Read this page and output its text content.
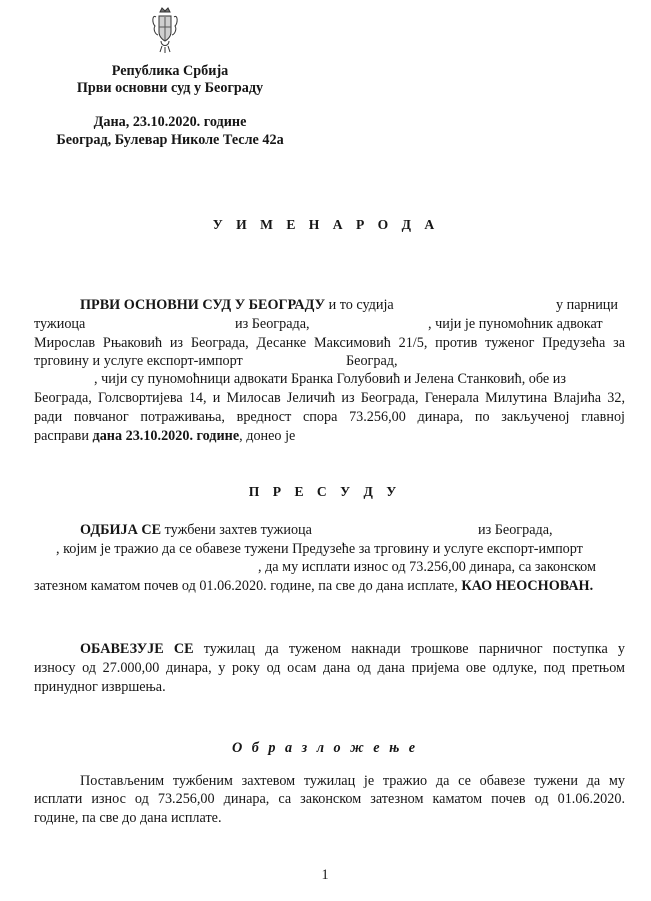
Република Србија
Први основни суд у Београду
Дана, 23.10.2020. године
Београд, Булевар Николе Тесле 42а
У И М Е Н А Р О Д А
ПРВИ ОСНОВНИ СУД У БЕОГРАДУ и то судија	у парници
тужиоца	из Београда,	, чији је пуномоћник адвокат
Мирослав Рњаковић из Београда, Десанке Максимовић 21/5, против туженог Предузећа за
трговину и услуге експорт-импорт	Београд,
, чији су пуномоћници адвокати Бранка Голубовић и Јелена Станковић, обе из
Београда, Голсвортијева 14, и Милосав Јеличић из Београда, Генерала Милутина Влајића 32,
ради повчаног потраживања, вредност спора 73.256,00 динара, по закљученој главној
расправи дана 23.10.2020. године, донео је
П Р Е С У Д У
ОДБИЈА СЕ тужбени захтев тужиоца	из Београда,
, којим је тражио да се обавезе тужени Предузеће за трговину и услуге експорт-импорт
, да му исплати износ од 73.256,00 динара, са законском
затезном каматом почев од 01.06.2020. године, па све до дана исплате, КАО НЕОСНОВАН.
ОБАВЕЗУЈЕ СЕ тужилац да туженом накнади трошкове парничног поступка у
износу од 27.000,00 динара, у року од осам дана од дана пријема ове одлуке, под претњом
принудног извршења.
О б р а з л о ж е њ е
Постављеним тужбеним захтевом тужилац је тражио да се обавезе тужени да му
исплати износ од 73.256,00 динара, са законском затезном каматом почев од 01.06.2020.
године, па све до дана исплате.
1
